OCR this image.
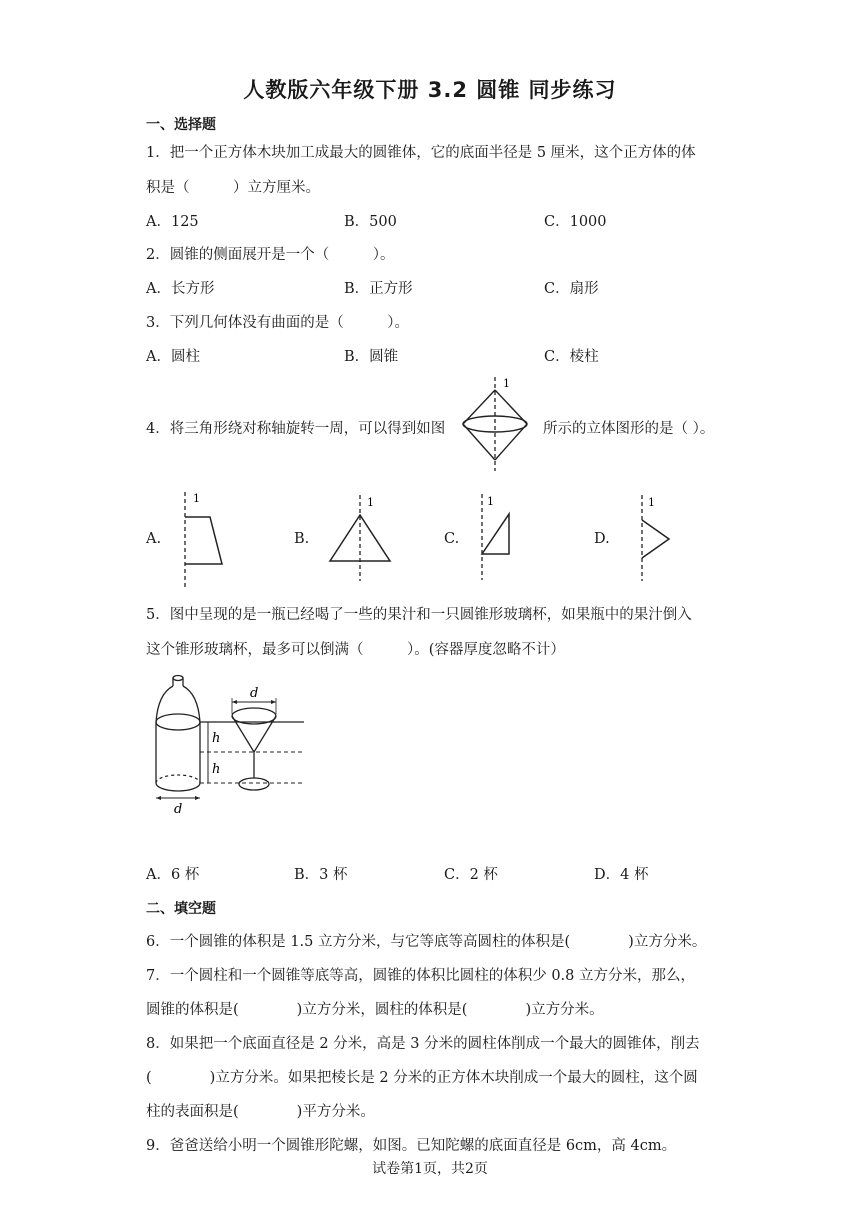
人教版六年级下册 3.2 圆锥 同步练习
一、选择题
1．把一个正方体木块加工成最大的圆锥体，它的底面半径是 5 厘米，这个正方体的体
积是（　　　）立方厘米。
A．125	B．500	C．1000
2．圆锥的侧面展开是一个（　　　）。
A．长方形	B．正方形	C．扇形
3．下列几何体没有曲面的是（　　　）。
A．圆柱	B．圆锥	C．棱柱
4．将三角形绕对称轴旋转一周，可以得到如图
1
所示的立体图形的是（ ）。
A.
1
B.
1
C.
1
D.
1
5．图中呈现的是一瓶已经喝了一些的果汁和一只圆锥形玻璃杯，如果瓶中的果汁倒入
这个锥形玻璃杯，最多可以倒满（　　　）。(容器厚度忽略不计）
d
h
h
d
A．6 杯	B．3 杯	C．2 杯	D．4 杯
二、填空题
6．一个圆锥的体积是 1.5 立方分米，与它等底等高圆柱的体积是(　　　　)立方分米。
7．一个圆柱和一个圆锥等底等高，圆锥的体积比圆柱的体积少 0.8 立方分米，那么，
圆锥的体积是(　　　　)立方分米，圆柱的体积是(　　　　)立方分米。
8．如果把一个底面直径是 2 分米，高是 3 分米的圆柱体削成一个最大的圆锥体，削去
(　　　　)立方分米。如果把棱长是 2 分米的正方体木块削成一个最大的圆柱，这个圆
柱的表面积是(　　　　)平方分米。
9．爸爸送给小明一个圆锥形陀螺，如图。已知陀螺的底面直径是 6cm，高 4cm。
试卷第1页，共2页
